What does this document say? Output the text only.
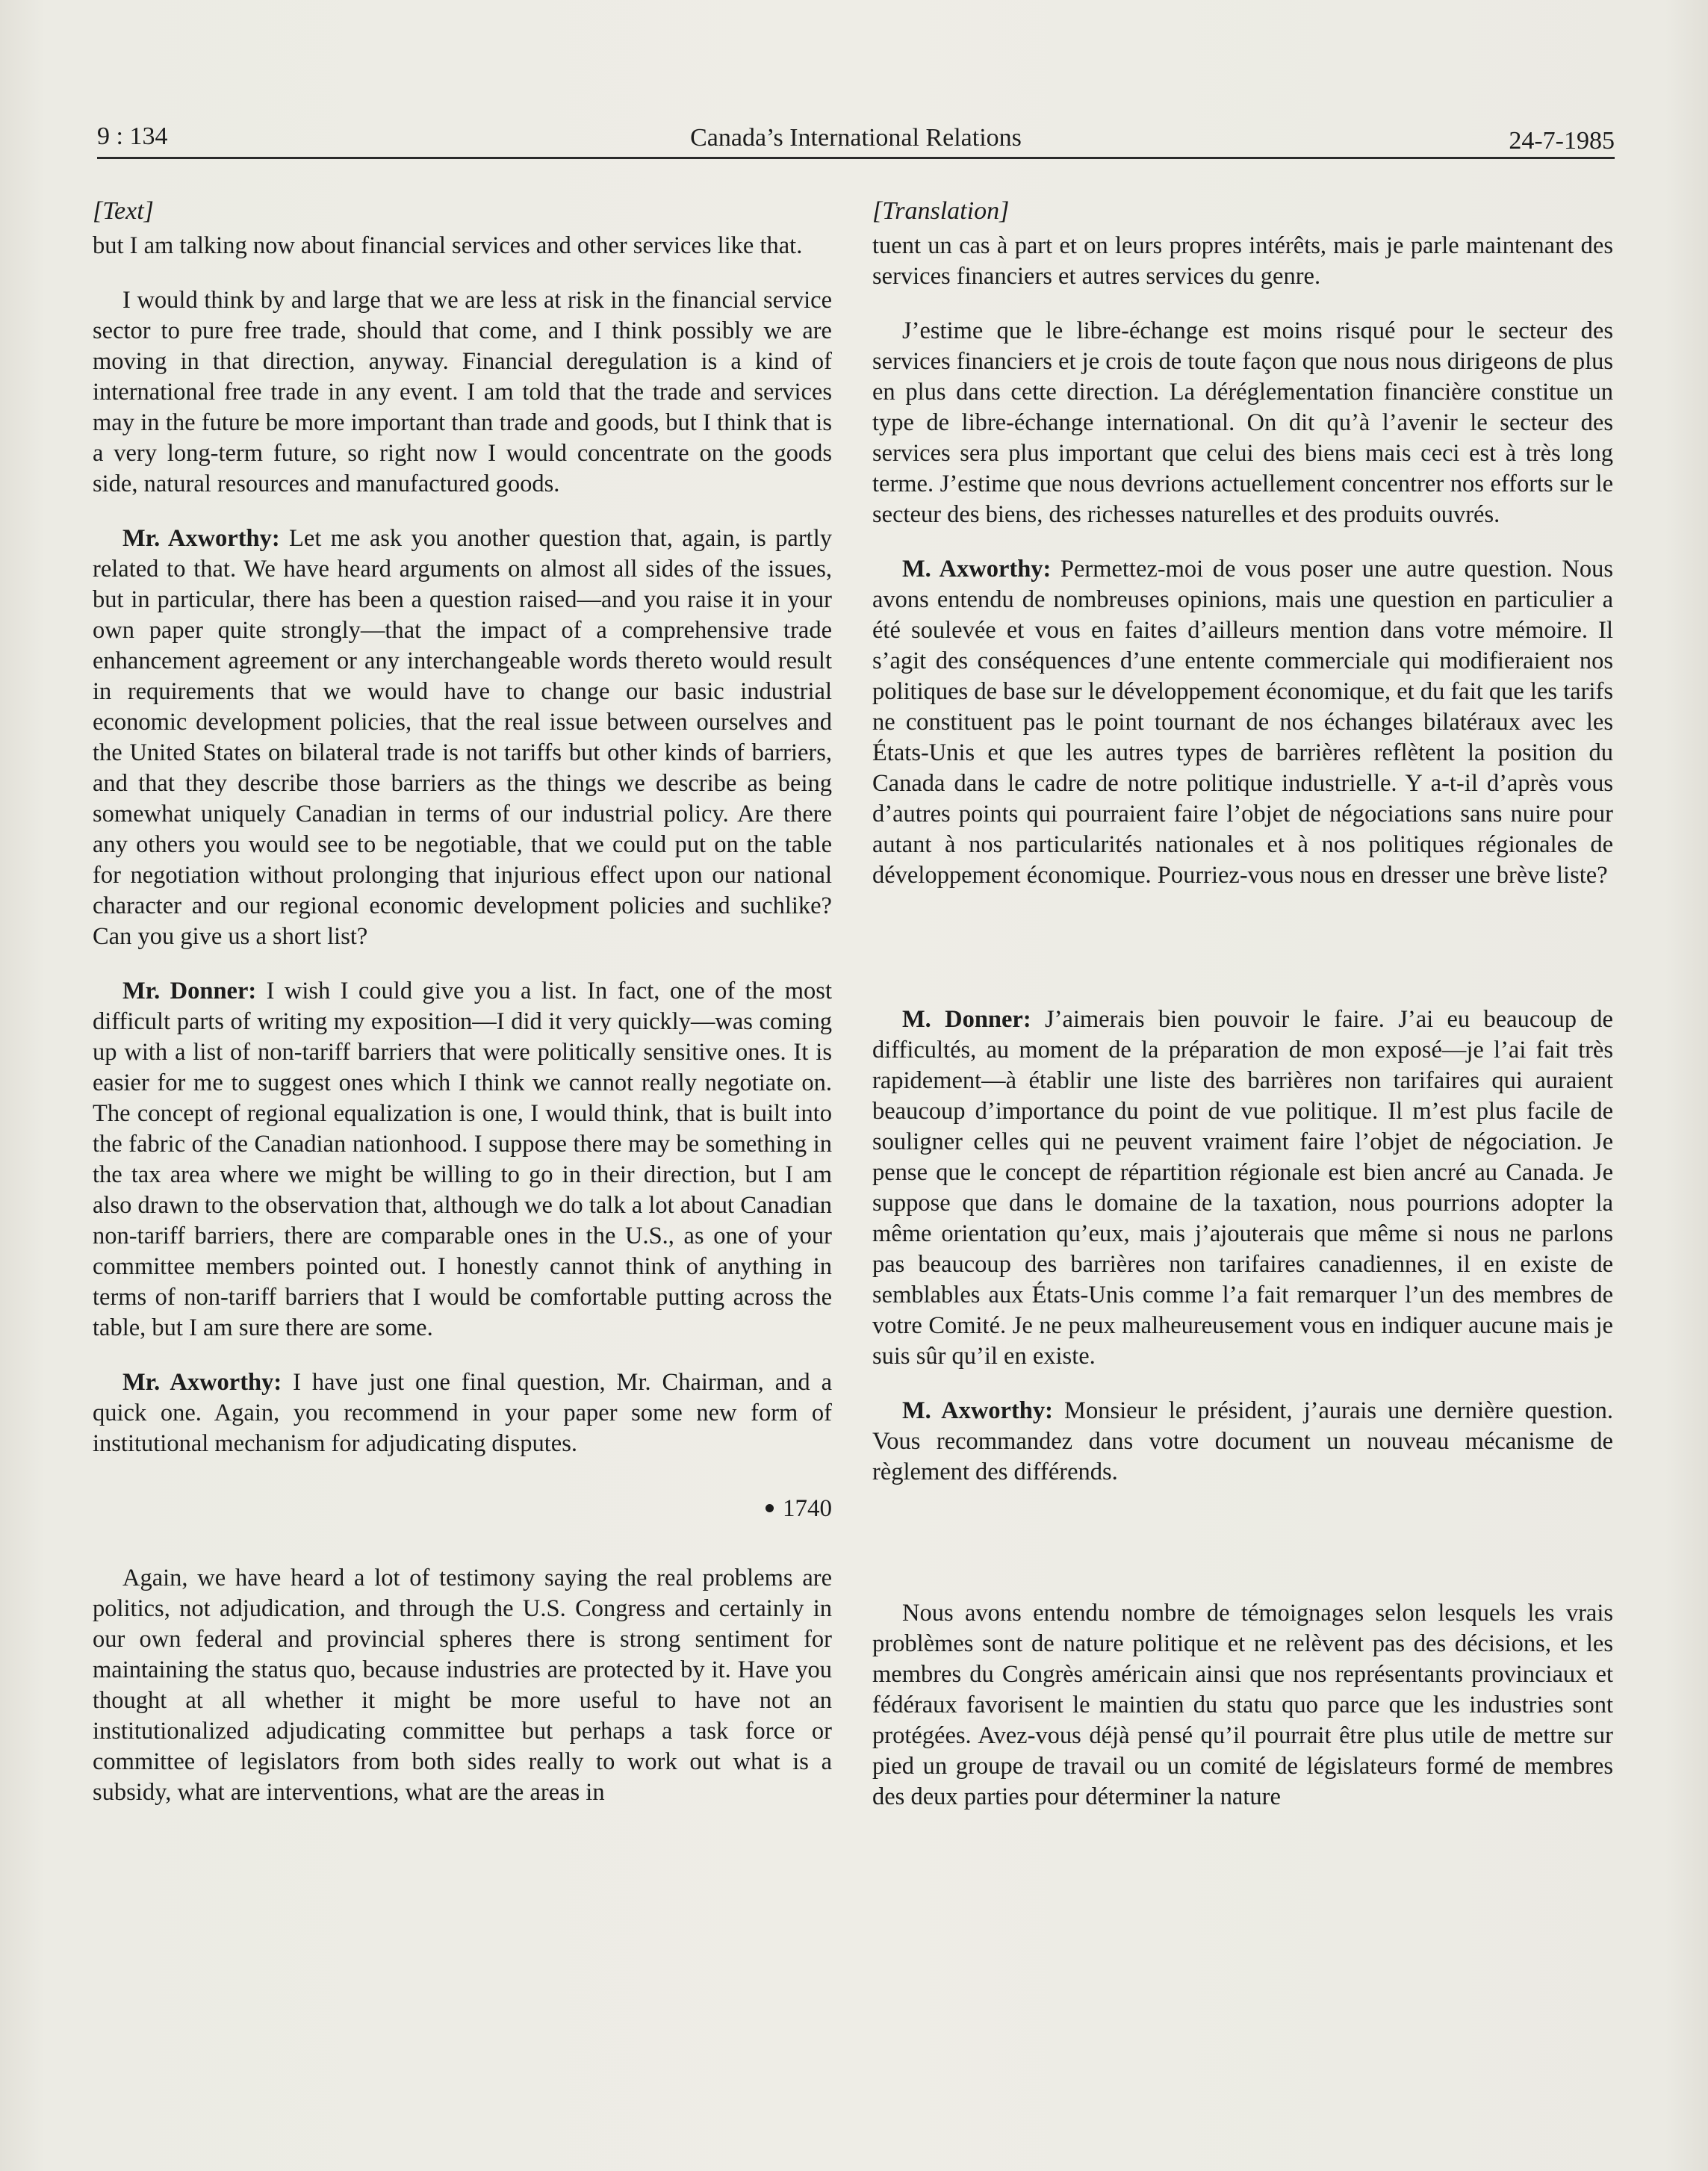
9 : 134	Canada’s International Relations	24-7-1985
[Text]

but I am talking now about financial services and other services like that.

I would think by and large that we are less at risk in the financial service sector to pure free trade, should that come, and I think possibly we are moving in that direction, anyway. Financial deregulation is a kind of international free trade in any event. I am told that the trade and services may in the future be more important than trade and goods, but I think that is a very long-term future, so right now I would concentrate on the goods side, natural resources and manufactured goods.

Mr. Axworthy: Let me ask you another question that, again, is partly related to that. We have heard arguments on almost all sides of the issues, but in particular, there has been a question raised—and you raise it in your own paper quite strongly—that the impact of a comprehensive trade enhancement agreement or any interchangeable words thereto would result in requirements that we would have to change our basic industrial economic development policies, that the real issue between ourselves and the United States on bilateral trade is not tariffs but other kinds of barriers, and that they describe those barriers as the things we describe as being somewhat uniquely Canadian in terms of our industrial policy. Are there any others you would see to be negotiable, that we could put on the table for negotiation without prolonging that injurious effect upon our national character and our regional economic development policies and suchlike? Can you give us a short list?

Mr. Donner: I wish I could give you a list. In fact, one of the most difficult parts of writing my exposition—I did it very quickly—was coming up with a list of non-tariff barriers that were politically sensitive ones. It is easier for me to suggest ones which I think we cannot really negotiate on. The concept of regional equalization is one, I would think, that is built into the fabric of the Canadian nationhood. I suppose there may be something in the tax area where we might be willing to go in their direction, but I am also drawn to the observation that, although we do talk a lot about Canadian non-tariff barriers, there are comparable ones in the U.S., as one of your committee members pointed out. I honestly cannot think of anything in terms of non-tariff barriers that I would be comfortable putting across the table, but I am sure there are some.

Mr. Axworthy: I have just one final question, Mr. Chairman, and a quick one. Again, you recommend in your paper some new form of institutional mechanism for adjudicating disputes.

1740

Again, we have heard a lot of testimony saying the real problems are politics, not adjudication, and through the U.S. Congress and certainly in our own federal and provincial spheres there is strong sentiment for maintaining the status quo, because industries are protected by it. Have you thought at all whether it might be more useful to have not an institutionalized adjudicating committee but perhaps a task force or committee of legislators from both sides really to work out what is a subsidy, what are interventions, what are the areas in

[Translation]

tuent un cas à part et on leurs propres intérêts, mais je parle maintenant des services financiers et autres services du genre.

J’estime que le libre-échange est moins risqué pour le secteur des services financiers et je crois de toute façon que nous nous dirigeons de plus en plus dans cette direction. La déréglementation financière constitue un type de libre-échange international. On dit qu’à l’avenir le secteur des services sera plus important que celui des biens mais ceci est à très long terme. J’estime que nous devrions actuellement concentrer nos efforts sur le secteur des biens, des richesses naturelles et des produits ouvrés.

M. Axworthy: Permettez-moi de vous poser une autre question. Nous avons entendu de nombreuses opinions, mais une question en particulier a été soulevée et vous en faites d’ailleurs mention dans votre mémoire. Il s’agit des conséquences d’une entente commerciale qui modifieraient nos politiques de base sur le développement économique, et du fait que les tarifs ne constituent pas le point tournant de nos échanges bilatéraux avec les États-Unis et que les autres types de barrières reflètent la position du Canada dans le cadre de notre politique industrielle. Y a-t-il d’après vous d’autres points qui pourraient faire l’objet de négociations sans nuire pour autant à nos particularités nationales et à nos politiques régionales de développement économique. Pourriez-vous nous en dresser une brève liste?

M. Donner: J’aimerais bien pouvoir le faire. J’ai eu beaucoup de difficultés, au moment de la préparation de mon exposé—je l’ai fait très rapidement—à établir une liste des barrières non tarifaires qui auraient beaucoup d’importance du point de vue politique. Il m’est plus facile de souligner celles qui ne peuvent vraiment faire l’objet de négociation. Je pense que le concept de répartition régionale est bien ancré au Canada. Je suppose que dans le domaine de la taxation, nous pourrions adopter la même orientation qu’eux, mais j’ajouterais que même si nous ne parlons pas beaucoup des barrières non tarifaires canadiennes, il en existe de semblables aux États-Unis comme l’a fait remarquer l’un des membres de votre Comité. Je ne peux malheureusement vous en indiquer aucune mais je suis sûr qu’il en existe.

M. Axworthy: Monsieur le président, j’aurais une dernière question. Vous recommandez dans votre document un nouveau mécanisme de règlement des différends.

Nous avons entendu nombre de témoignages selon lesquels les vrais problèmes sont de nature politique et ne relèvent pas des décisions, et les membres du Congrès américain ainsi que nos représentants provinciaux et fédéraux favorisent le maintien du statu quo parce que les industries sont protégées. Avez-vous déjà pensé qu’il pourrait être plus utile de mettre sur pied un groupe de travail ou un comité de législateurs formé de membres des deux parties pour déterminer la nature
